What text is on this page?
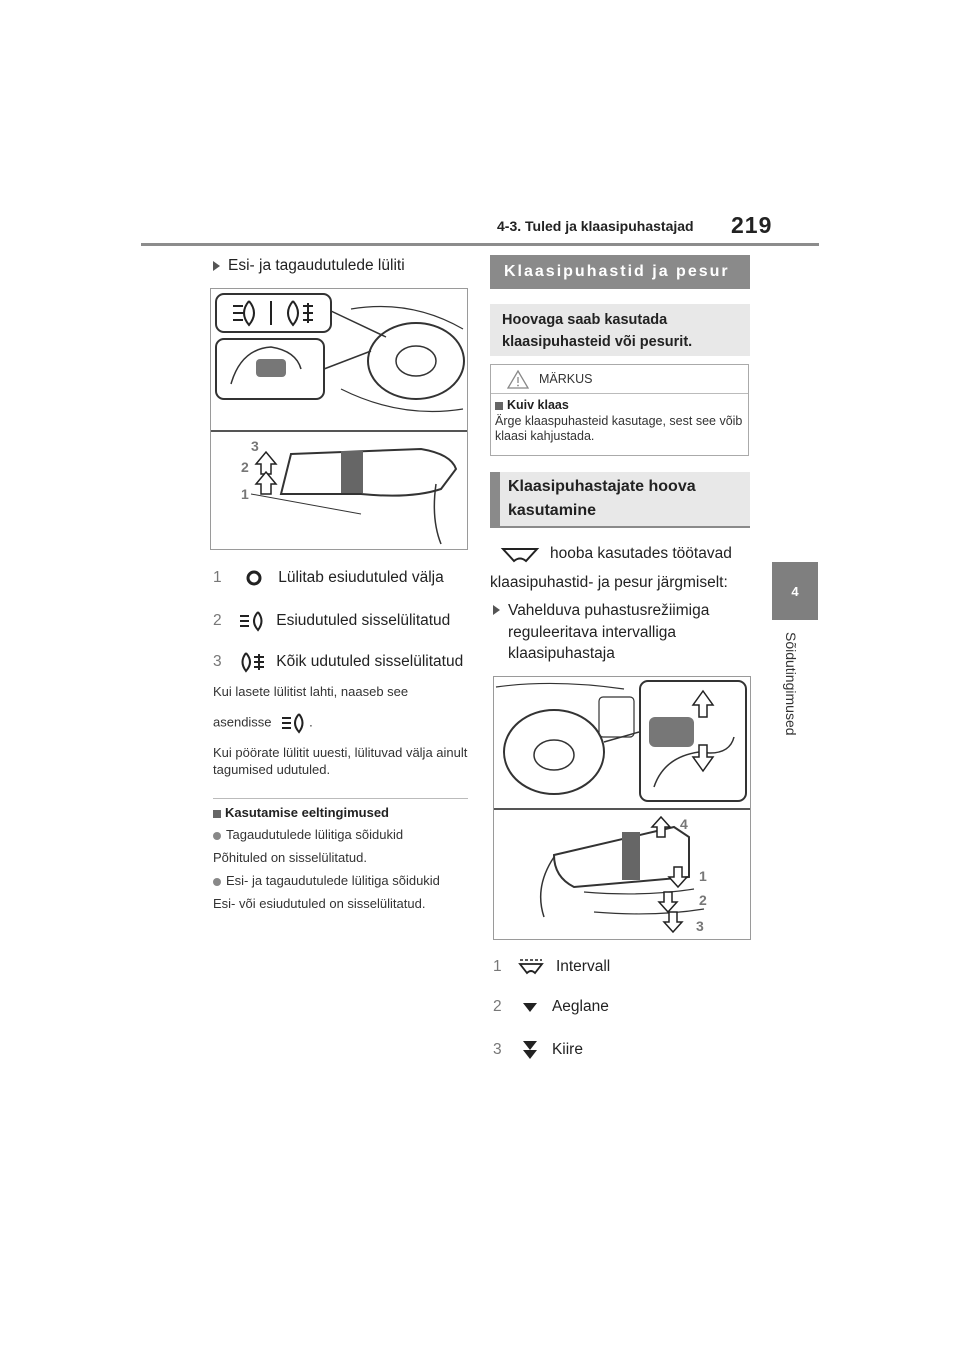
4-3. Tuled ja klaasipuhastajad 219
4
Sõidutingimused
Esi- ja tagaudutulede lüliti
3
2
1
1	Lülitab esiudutuled välja
2	Esiudutuled sisselülitatud
3	Kõik udutuled sisselülitatud
Kui lasete lülitist lahti, naaseb see
asendisse	.
Kui pöörate lülitit uuesti, lülituvad välja ainult tagumised udutuled.
Kasutamise eeltingimused
Tagaudutulede lülitiga sõidukid
Põhituled on sisselülitatud.
Esi- ja tagaudutulede lülitiga sõidukid
Esi- või esiudutuled on sisselülitatud.
Klaasipuhastid ja pesur
Hoovaga saab kasutada klaasipuhasteid või pesurit.
MÄRKUS
Kuiv klaas
Ärge klaaspuhasteid kasutage, sest see võib klaasi kahjustada.
Klaasipuhastajate hoova kasutamine
hooba kasutades töötavad
klaasipuhastid- ja pesur järgmiselt:
Vahelduva puhastusrežiimiga reguleeritava intervalliga klaasipuhastaja
4
1
2
3
1	Intervall
2	Aeglane
3	Kiire
